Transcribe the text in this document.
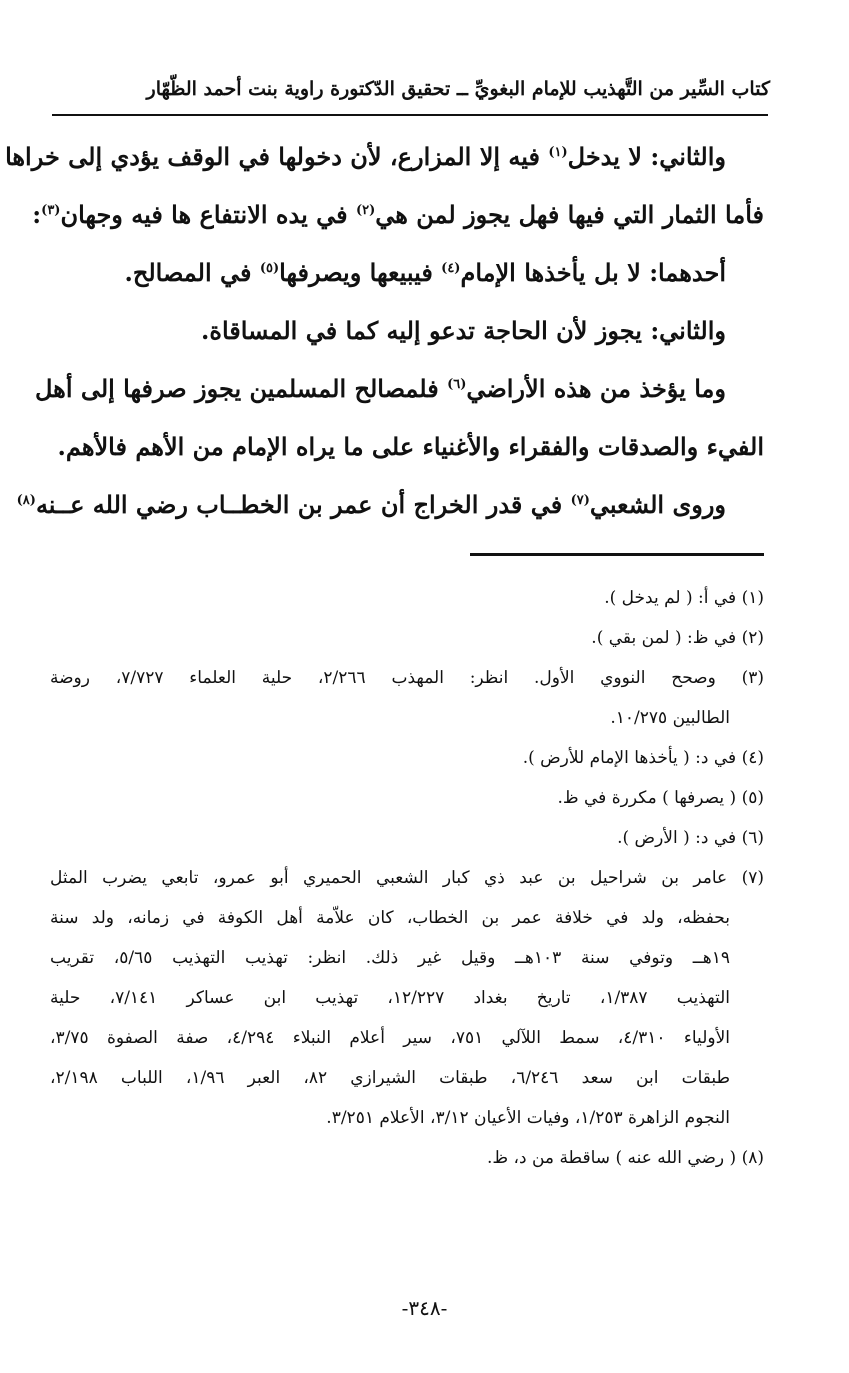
كتاب السِّير من التَّهذيب للإمام البغويِّ ــ تحقيق الدّكتورة راوية بنت أحمد الظّهّار
والثاني: لا يدخل$^{(١)}$ فيه إلا المزارع، لأن دخولها في الوقف يؤدي إلى خراها
فأما الثمار التي فيها فهل يجوز لمن هي$^{(٢)}$ في يده الانتفاع ها فيه وجهان$^{(٣)}$:
أحدهما: لا بل يأخذها الإمام$^{(٤)}$ فيبيعها ويصرفها$^{(٥)}$ في المصالح.
والثاني: يجوز لأن الحاجة تدعو إليه كما في المساقاة.
وما يؤخذ من هذه الأراضي$^{(٦)}$ فلمصالح المسلمين يجوز صرفها إلى أهل
الفيء والصدقات والفقراء والأغنياء على ما يراه الإمام من الأهم فالأهم.
وروى الشعبي$^{(٧)}$ في قدر الخراج أن عمر بن الخطــاب رضي الله عــنه$^{(٨)}$
(١) في أ: ( لم يدخل ).
(٢) في ظ: ( لمن بقي ).
(٣) وصحح النووي الأول. انظر: المهذب ٢/٢٦٦، حلية العلماء ٧/٧٢٧، روضة
الطالبين ١٠/٢٧٥.
(٤) في د: ( يأخذها الإمام للأرض ).
(٥) ( يصرفها ) مكررة في ظ.
(٦) في د: ( الأرض ).
(٧) عامر بن شراحيل بن عبد ذي كبار الشعبي الحميري أبو عمرو، تابعي يضرب المثل
بحفظه، ولد في خلافة عمر بن الخطاب، كان علاّمة أهل الكوفة في زمانه، ولد سنة
١٩هــ وتوفي سنة ١٠٣هــ وقيل غير ذلك. انظر: تهذيب التهذيب ٥/٦٥، تقريب
التهذيب ١/٣٨٧، تاريخ بغداد ١٢/٢٢٧، تهذيب ابن عساكر ٧/١٤١، حلية
الأولياء ٤/٣١٠، سمط اللآلي ٧٥١، سير أعلام النبلاء ٤/٢٩٤، صفة الصفوة ٣/٧٥،
طبقات ابن سعد ٦/٢٤٦، طبقات الشيرازي ٨٢، العبر ١/٩٦، اللباب ٢/١٩٨،
النجوم الزاهرة ١/٢٥٣، وفيات الأعيان ٣/١٢، الأعلام ٣/٢٥١.
(٨) ( رضي الله عنه ) ساقطة من د، ظ.
-٣٤٨-
